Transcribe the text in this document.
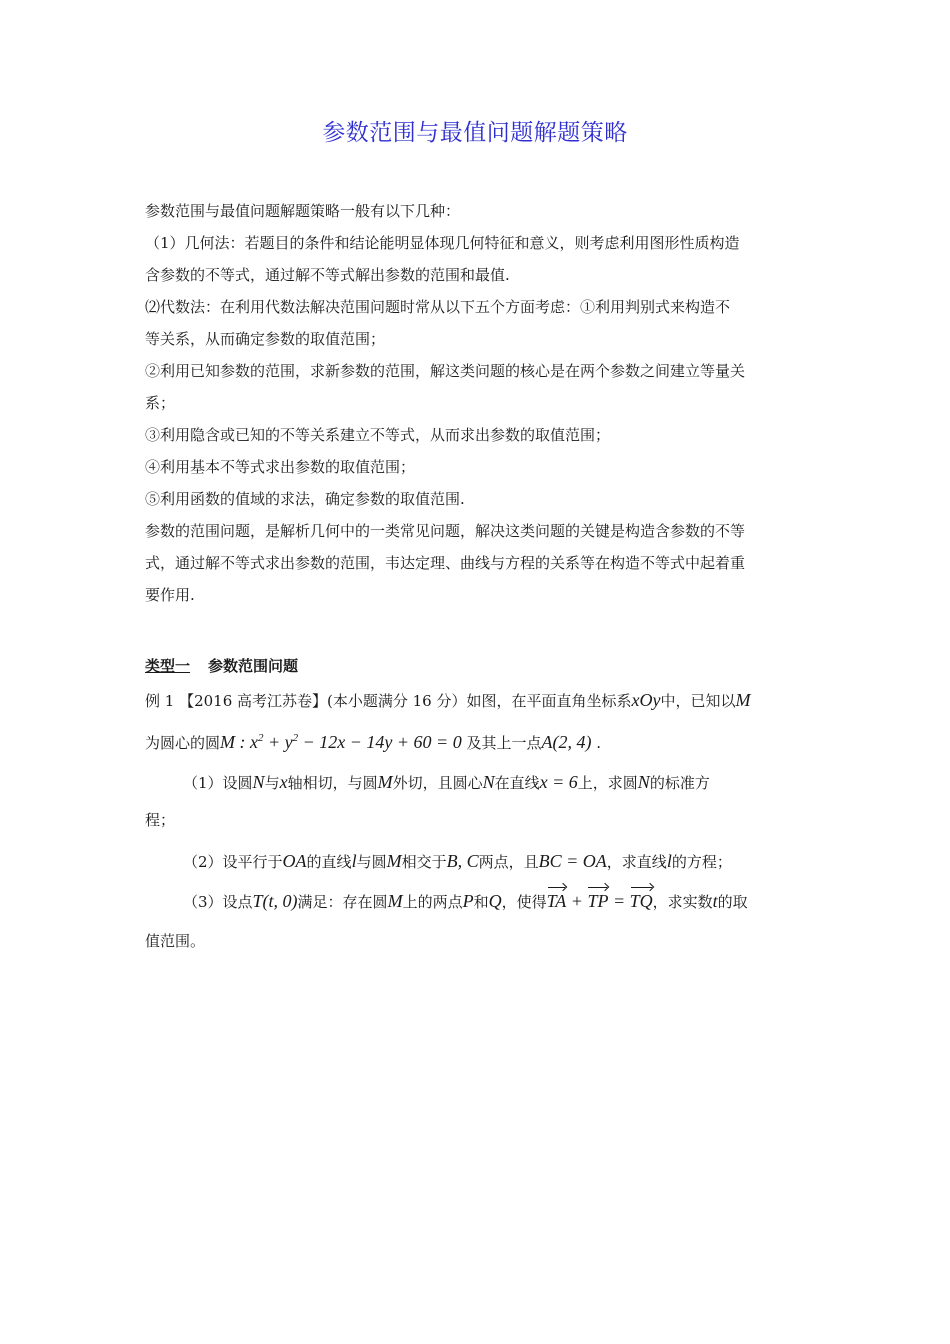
参数范围与最值问题解题策略
参数范围与最值问题解题策略一般有以下几种：
（1）几何法：若题目的条件和结论能明显体现几何特征和意义，则考虑利用图形性质构造
含参数的不等式，通过解不等式解出参数的范围和最值.
⑵代数法：在利用代数法解决范围问题时常从以下五个方面考虑：①利用判别式来构造不
等关系，从而确定参数的取值范围；
②利用已知参数的范围，求新参数的范围，解这类问题的核心是在两个参数之间建立等量关
系；
③利用隐含或已知的不等关系建立不等式，从而求出参数的取值范围；
④利用基本不等式求出参数的取值范围；
⑤利用函数的值域的求法，确定参数的取值范围.
参数的范围问题，是解析几何中的一类常见问题，解决这类问题的关键是构造含参数的不等
式，通过解不等式求出参数的范围，韦达定理、曲线与方程的关系等在构造不等式中起着重
要作用.
类型一 参数范围问题
例 1 【2016 高考江苏卷】(本小题满分 16 分）如图，在平面直角坐标系xOy中，已知以M
为圆心的圆M : $x^2 + y^2 - 12x - 14y + 60 = 0$ 及其上一点A(2, 4) .
（1）设圆N与x轴相切，与圆M外切，且圆心N在直线x = 6上，求圆N的标准方
程；
（2）设平行于OA的直线l与圆M相交于B, C两点，且BC = OA，求直线l的方程；
（3）设点T(t, 0)满足：存在圆M上的两点P和Q，使得TA + TP = TQ，求实数t的取
值范围。
